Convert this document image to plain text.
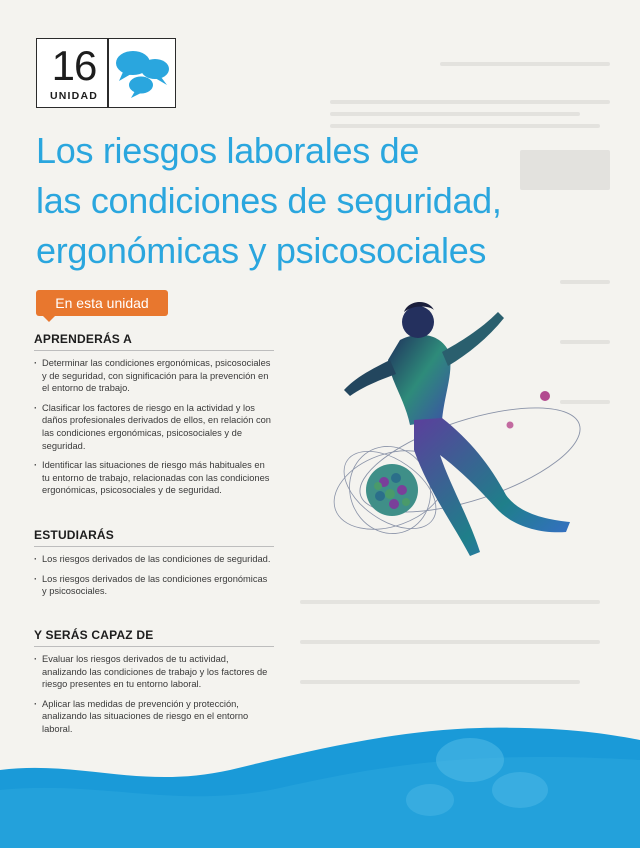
16
UNIDAD
Los riesgos laborales de
las condiciones de seguridad,
ergonómicas y psicosociales
En esta unidad
APRENDERÁS A
· Determinar las condiciones ergonómicas, psicosociales y de seguridad, con significación para la prevención en el entorno de trabajo.
· Clasificar los factores de riesgo en la actividad y los daños profesionales derivados de ellos, en relación con las condiciones ergonómicas, psicosociales y de seguridad.
· Identificar las situaciones de riesgo más habituales en tu entorno de trabajo, relacionadas con las condiciones ergonómicas, psicosociales y de seguridad.
ESTUDIARÁS
· Los riesgos derivados de las condiciones de seguridad.
· Los riesgos derivados de las condiciones ergonómicas y psicosociales.
Y SERÁS CAPAZ DE
· Evaluar los riesgos derivados de tu actividad, analizando las condiciones de trabajo y los factores de riesgo presentes en tu entorno laboral.
· Aplicar las medidas de prevención y protección, analizando las situaciones de riesgo en el entorno laboral.
